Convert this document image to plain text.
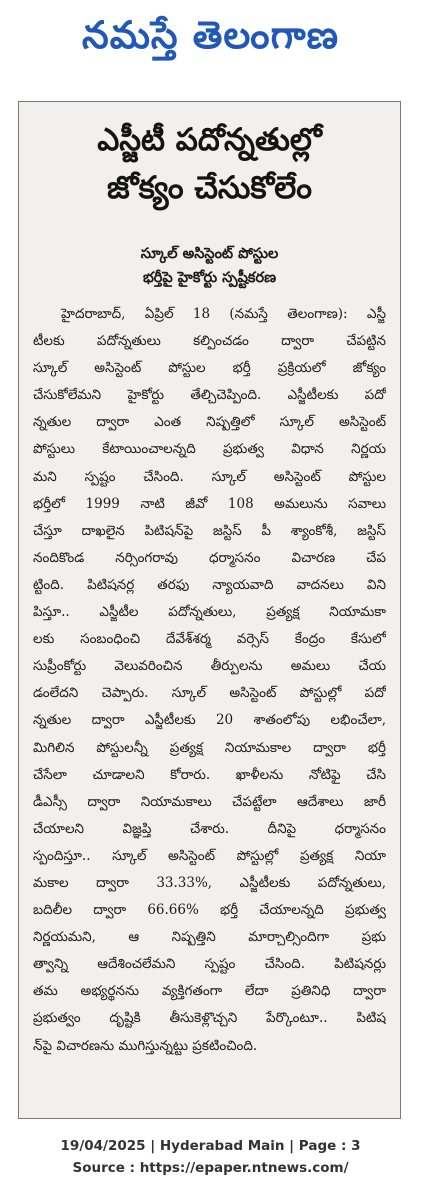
నమస్తే తెలంగాణ
ఎస్జీటీ పదోన్నతుల్లో
జోక్యం చేసుకోలేం
స్కూల్ అసిస్టెంట్ పోస్టుల
భర్తీపై హైకోర్టు స్పష్టీకరణ
హైదరాబాద్, ఏప్రిల్ 18 (నమస్తే తెలంగాణ): ఎస్జీ
టీలకు పదోన్నతులు కల్పించడం ద్వారా చేపట్టిన
స్కూల్ అసిస్టెంట్ పోస్టుల భర్తీ ప్రక్రియలో జోక్యం
చేసుకోలేమని హైకోర్టు తేల్చిచెప్పింది. ఎస్జీటీలకు పదో
న్నతుల ద్వారా ఎంత నిష్పత్తిలో స్కూల్ అసిస్టెంట్
పోస్టులు కేటాయించాలన్నది ప్రభుత్వ విధాన నిర్ణయ
మని స్పష్టం చేసింది. స్కూల్ అసిస్టెంట్ పోస్టుల
భర్తీలో 1999 నాటి జీవో 108 అమలును సవాలు
చేస్తూ దాఖలైన పిటిషన్‌పై జస్టిస్ పీ శ్యాంకోశీ, జస్టిస్
నందికొండ నర్సింగరావు ధర్మాసనం విచారణ చేప
ట్టింది. పిటిషనర్ల తరఫు న్యాయవాది వాదనలు విని
పిస్తూ.. ఎస్జీటీల పదోన్నతులు, ప్రత్యక్ష నియామకా
లకు సంబంధించి దేవేశ్‌శర్మ వర్సెస్ కేంద్రం కేసులో
సుప్రీంకోర్టు వెలువరించిన తీర్పులను అమలు చేయ
డంలేదని చెప్పారు. స్కూల్ అసిస్టెంట్ పోస్టుల్లో పదో
న్నతుల ద్వారా ఎస్జీటీలకు 20 శాతంలోపు లభించేలా,
మిగిలిన పోస్టులన్నీ ప్రత్యక్ష నియామకాల ద్వారా భర్తీ
చేసేలా చూడాలని కోరారు. ఖాళీలను నోటిఫై చేసి
డీఎస్సీ ద్వారా నియామకాలు చేపట్టేలా ఆదేశాలు జారీ
చేయాలని విజ్ఞప్తి చేశారు. దీనిపై ధర్మాసనం
స్పందిస్తూ.. స్కూల్ అసిస్టెంట్ పోస్టుల్లో ప్రత్యక్ష నియా
మకాల ద్వారా 33.33%, ఎస్జీటీలకు పదోన్నతులు,
బదిలీల ద్వారా 66.66% భర్తీ చేయాలన్నది ప్రభుత్వ
నిర్ణయమని, ఆ నిష్పత్తిని మార్చాల్సిందిగా ప్రభు
త్వాన్ని ఆదేశించలేమని స్పష్టం చేసింది. పిటిషనర్లు
తమ అభ్యర్థనను వ్యక్తిగతంగా లేదా ప్రతినిధి ద్వారా
ప్రభుత్వం దృష్టికి తీసుకెళ్లొచ్చని పేర్కొంటూ.. పిటిష
న్‌పై విచారణను ముగిస్తున్నట్టు ప్రకటించింది.
19/04/2025 | Hyderabad Main | Page : 3
Source : https://epaper.ntnews.com/
